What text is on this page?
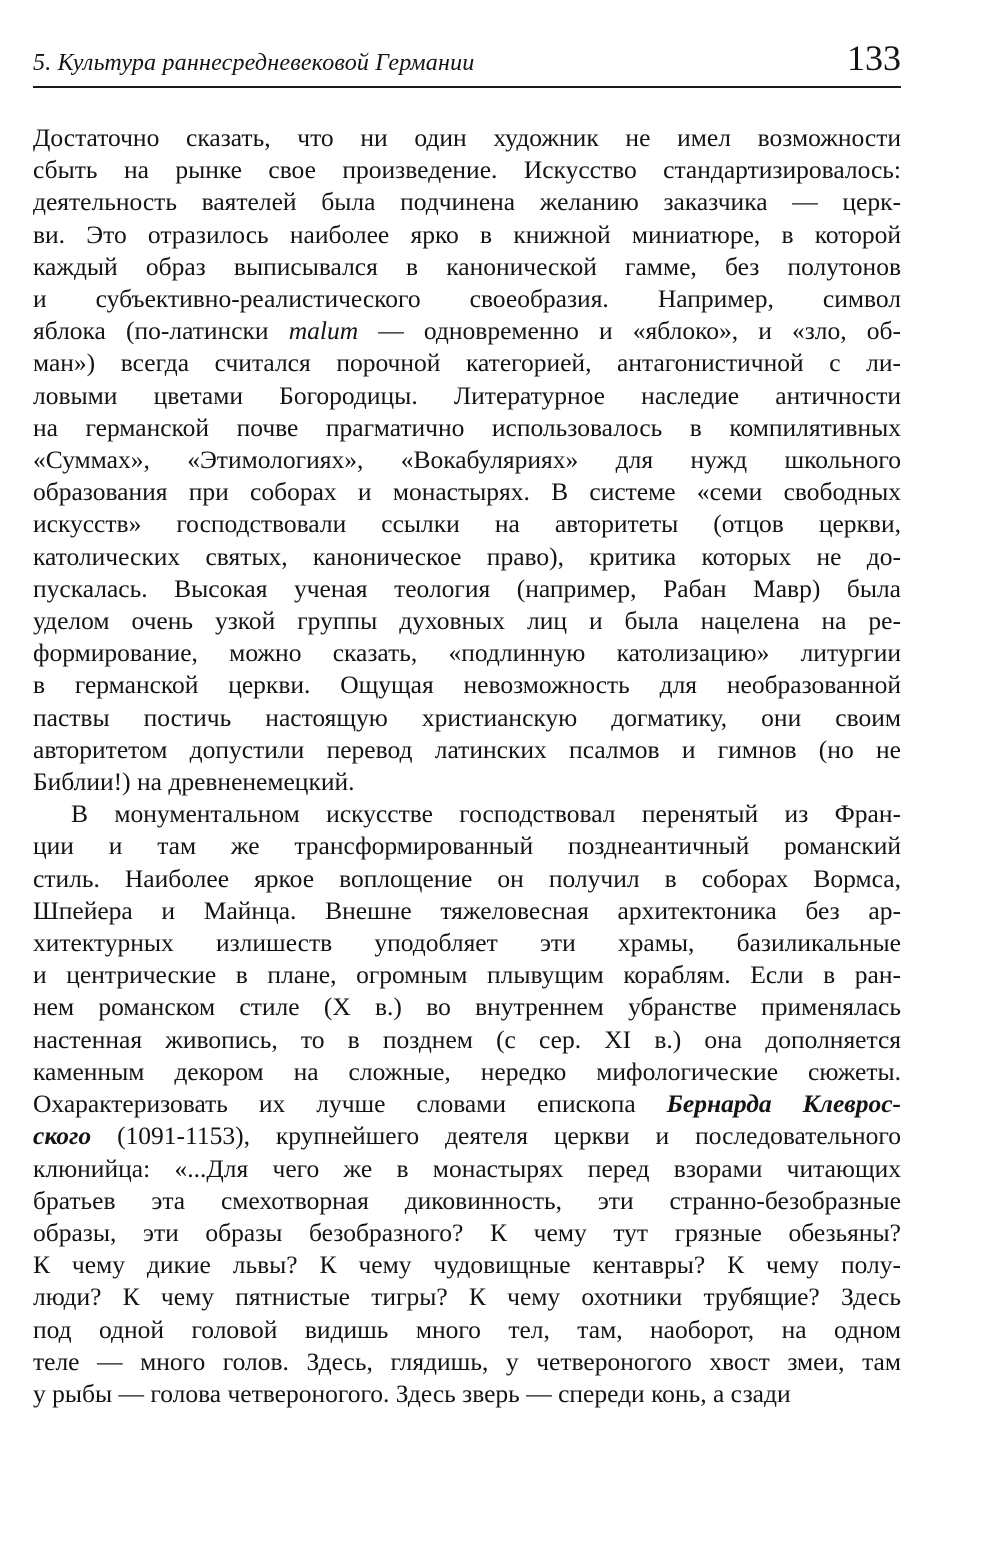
5. Культура раннесредневековой Германии	133

Достаточно сказать, что ни один художник не имел возможности
сбыть на рынке свое произведение. Искусство стандартизировалось:
деятельность ваятелей была подчинена желанию заказчика — церк-
ви. Это отразилось наиболее ярко в книжной миниатюре, в которой
каждый образ выписывался в канонической гамме, без полутонов
и субъективно-реалистического своеобразия. Например, символ
яблока (по-латински malum — одновременно и «яблоко», и «зло, об-
ман») всегда считался порочной категорией, антагонистичной с ли-
ловыми цветами Богородицы. Литературное наследие античности
на германской почве прагматично использовалось в компилятивных
«Суммах», «Этимологиях», «Вокабуляриях» для нужд школьного
образования при соборах и монастырях. В системе «семи свободных
искусств» господствовали ссылки на авторитеты (отцов церкви,
католических святых, каноническое право), критика которых не до-
пускалась. Высокая ученая теология (например, Рабан Мавр) была
уделом очень узкой группы духовных лиц и была нацелена на ре-
формирование, можно сказать, «подлинную католизацию» литургии
в германской церкви. Ощущая невозможность для необразованной
паствы постичь настоящую христианскую догматику, они своим
авторитетом допустили перевод латинских псалмов и гимнов (но не
Библии!) на древненемецкий.

В монументальном искусстве господствовал перенятый из Фран-
ции и там же трансформированный позднеантичный романский
стиль. Наиболее яркое воплощение он получил в соборах Вормса,
Шпейера и Майнца. Внешне тяжеловесная архитектоника без ар-
хитектурных излишеств уподобляет эти храмы, базиликальные
и центрические в плане, огромным плывущим кораблям. Если в ран-
нем романском стиле (X в.) во внутреннем убранстве применялась
настенная живопись, то в позднем (с сер. XI в.) она дополняется
каменным декором на сложные, нередко мифологические сюжеты.
Охарактеризовать их лучше словами епископа Бернарда Клевроc-
ского (1091-1153), крупнейшего деятеля церкви и последовательного
клюнийца: «...Для чего же в монастырях перед взорами читающих
братьев эта смехотворная диковинность, эти странно-безобразные
образы, эти образы безобразного? К чему тут грязные обезьяны?
К чему дикие львы? К чему чудовищные кентавры? К чему полу-
люди? К чему пятнистые тигры? К чему охотники трубящие? Здесь
под одной головой видишь много тел, там, наоборот, на одном
теле — много голов. Здесь, глядишь, у четвероногого хвост змеи, там
у рыбы — голова четвероногого. Здесь зверь — спереди конь, а сзади
